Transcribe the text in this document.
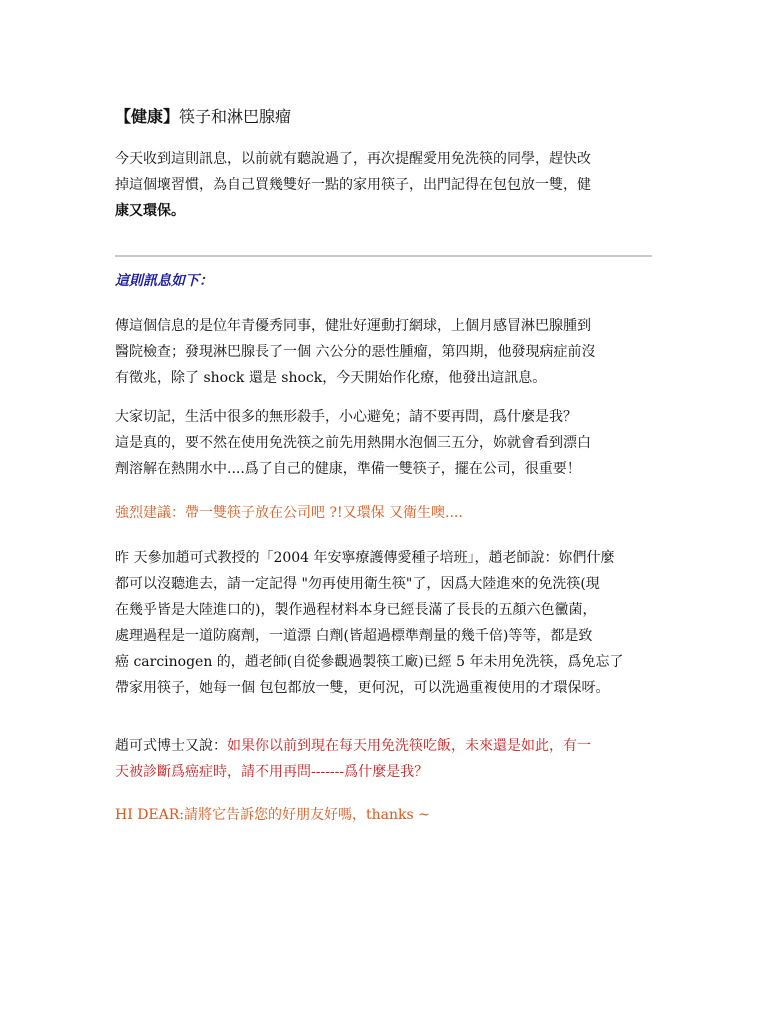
【健康】筷子和淋巴腺瘤

今天收到這則訊息，以前就有聽說過了，再次提醒愛用免洗筷的同學，趕快改
掉這個壞習慣，為自己買幾雙好一點的家用筷子，出門記得在包包放一雙，健
康又環保。

這則訊息如下：

傳這個信息的是位年青優秀同事，健壯好運動打網球，上個月感冒淋巴腺腫到
醫院檢查；發現淋巴腺長了一個 六公分的惡性腫瘤，第四期，他發現病症前沒
有徵兆，除了 shock 還是 shock，今天開始作化療，他發出這訊息。

大家切記，生活中很多的無形殺手，小心避免；請不要再問，爲什麼是我？
這是真的，要不然在使用免洗筷之前先用熱開水泡個三五分，妳就會看到漂白
劑溶解在熱開水中....爲了自己的健康，準備一雙筷子，擺在公司，很重要！

強烈建議：帶一雙筷子放在公司吧 ?!又環保 又衛生噢....

昨 天參加趙可式教授的「2004 年安寧療護傳愛種子培班」，趙老師說：妳們什麼
都可以沒聽進去，請一定記得 "勿再使用衛生筷"了，因爲大陸進來的免洗筷(現
在幾乎皆是大陸進口的)，製作過程材料本身已經長滿了長長的五顏六色黴菌，
處理過程是一道防腐劑，一道漂 白劑(皆超過標準劑量的幾千倍)等等，都是致
癌 carcinogen 的，趙老師(自從參觀過製筷工廠)已經 5 年未用免洗筷，爲免忘了
帶家用筷子，她每一個 包包都放一雙，更何況，可以洗過重複使用的才環保呀。

趙可式博士又說：如果你以前到現在每天用免洗筷吃飯，未來還是如此，有一
天被診斷爲癌症時，請不用再問-------爲什麼是我？

HI DEAR:請將它告訴您的好朋友好嗎，thanks ~
